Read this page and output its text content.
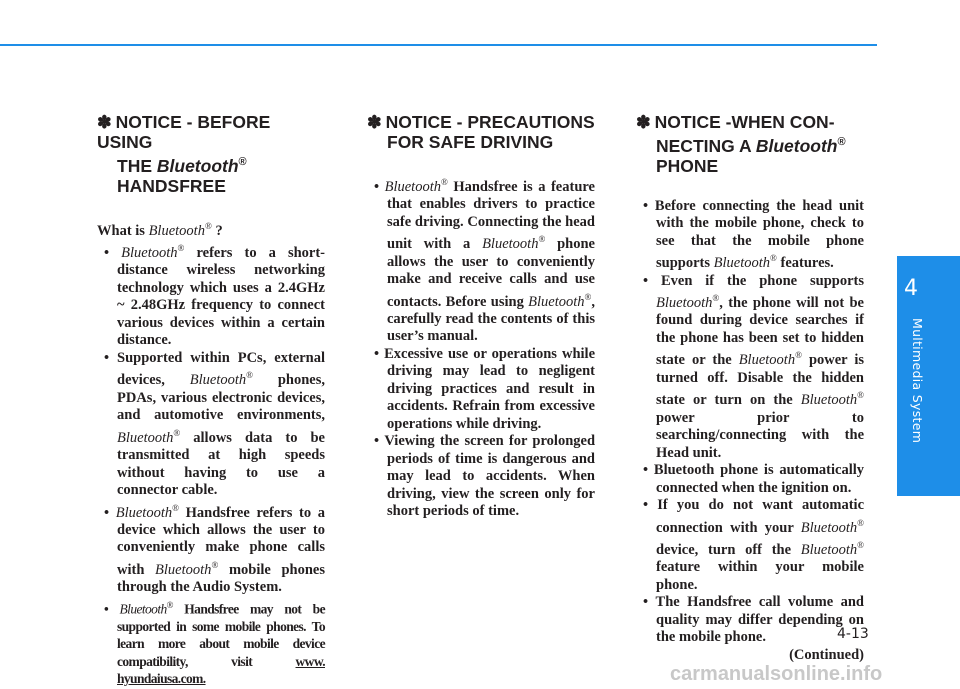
4
Multimedia System
✽ NOTICE - BEFORE USING
THE Bluetooth®
HANDSFREE

What is Bluetooth® ?

• Bluetooth® refers to a short-distance wireless networking technology which uses a 2.4GHz ~ 2.48GHz frequency to connect various devices within a certain distance.
• Supported within PCs, external devices, Bluetooth® phones, PDAs, various electronic devices, and automotive environments, Bluetooth® allows data to be transmitted at high speeds without having to use a connector cable.
• Bluetooth® Handsfree refers to a device which allows the user to conveniently make phone calls with Bluetooth® mobile phones through the Audio System.
• Bluetooth® Handsfree may not be supported in some mobile phones. To learn more about mobile device compatibility, visit www. hyundaiusa.com.
✽ NOTICE - PRECAUTIONS
FOR SAFE DRIVING
• Bluetooth® Handsfree is a feature that enables drivers to practice safe driving. Connecting the head unit with a Bluetooth® phone allows the user to conveniently make and receive calls and use contacts. Before using Bluetooth®, carefully read the contents of this user’s manual.
• Excessive use or operations while driving may lead to negligent driving practices and result in accidents. Refrain from excessive operations while driving.
• Viewing the screen for prolonged periods of time is dangerous and may lead to accidents. When driving, view the screen only for short periods of time.
✽ NOTICE -WHEN CON-
NECTING A Bluetooth®
PHONE
• Before connecting the head unit with the mobile phone, check to see that the mobile phone supports Bluetooth® features.
• Even if the phone supports Bluetooth®, the phone will not be found during device searches if the phone has been set to hidden state or the Bluetooth® power is turned off. Disable the hidden state or turn on the Bluetooth® power prior to searching/connecting with the Head unit.
• Bluetooth phone is automatically connected when the ignition on.
• If you do not want automatic connection with your Bluetooth® device, turn off the Bluetooth® feature within your mobile phone.
• The Handsfree call volume and quality may differ depending on the mobile phone.

(Continued)

4-13
carmanualsonline.info
